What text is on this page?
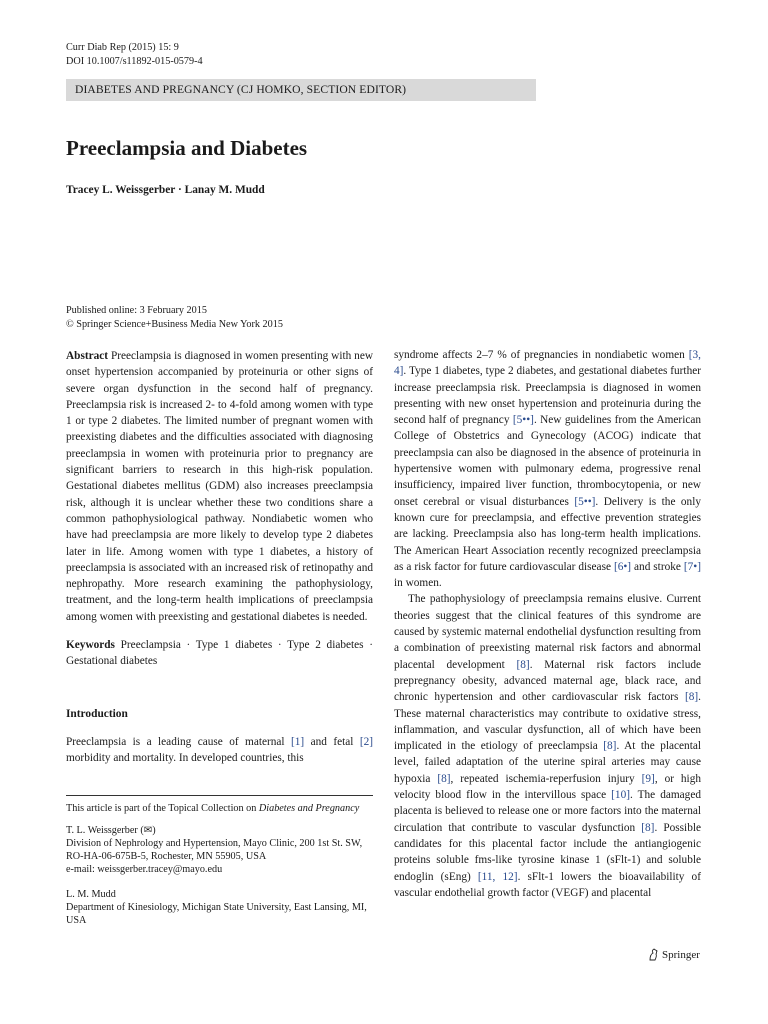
Curr Diab Rep (2015) 15: 9
DOI 10.1007/s11892-015-0579-4
DIABETES AND PREGNANCY (CJ HOMKO, SECTION EDITOR)
Preeclampsia and Diabetes
Tracey L. Weissgerber · Lanay M. Mudd
Published online: 3 February 2015
© Springer Science+Business Media New York 2015

Abstract Preeclampsia is diagnosed in women presenting with new onset hypertension accompanied by proteinuria or other signs of severe organ dysfunction in the second half of pregnancy. Preeclampsia risk is increased 2- to 4-fold among women with type 1 or type 2 diabetes. The limited number of pregnant women with preexisting diabetes and the difficulties associated with diagnosing preeclampsia in women with proteinuria prior to pregnancy are significant barriers to research in this high-risk population. Gestational diabetes mellitus (GDM) also increases preeclampsia risk, although it is unclear whether these two conditions share a common pathophysiological pathway. Nondiabetic women who have had preeclampsia are more likely to develop type 2 diabetes later in life. Among women with type 1 diabetes, a history of preeclampsia is associated with an increased risk of retinopathy and nephropathy. More research examining the pathophysiology, treatment, and the long-term health implications of preeclampsia among women with preexisting and gestational diabetes is needed.

Keywords Preeclampsia · Type 1 diabetes · Type 2 diabetes · Gestational diabetes

Introduction

Preeclampsia is a leading cause of maternal [1] and fetal [2] morbidity and mortality. In developed countries, this

This article is part of the Topical Collection on Diabetes and Pregnancy

T. L. Weissgerber (✉)

Division of Nephrology and Hypertension, Mayo Clinic, 200 1st St. SW, RO-HA-06-675B-5, Rochester, MN 55905, USA

e-mail: weissgerber.tracey@mayo.edu

L. M. Mudd

Department of Kinesiology, Michigan State University, East Lansing, MI, USA

syndrome affects 2–7 % of pregnancies in nondiabetic women [3, 4]. Type 1 diabetes, type 2 diabetes, and gestational diabetes further increase preeclampsia risk. Preeclampsia is diagnosed in women presenting with new onset hypertension and proteinuria during the second half of pregnancy [5••]. New guidelines from the American College of Obstetrics and Gynecology (ACOG) indicate that preeclampsia can also be diagnosed in the absence of proteinuria in hypertensive women with pulmonary edema, progressive renal insufficiency, impaired liver function, thrombocytopenia, or new onset cerebral or visual disturbances [5••]. Delivery is the only known cure for preeclampsia, and effective prevention strategies are lacking. Preeclampsia also has long-term health implications. The American Heart Association recently recognized preeclampsia as a risk factor for future cardiovascular disease [6•] and stroke [7•] in women.

The pathophysiology of preeclampsia remains elusive. Current theories suggest that the clinical features of this syndrome are caused by systemic maternal endothelial dysfunction resulting from a combination of preexisting maternal risk factors and abnormal placental development [8]. Maternal risk factors include prepregnancy obesity, advanced maternal age, black race, and chronic hypertension and other cardiovascular risk factors [8]. These maternal characteristics may contribute to oxidative stress, inflammation, and vascular dysfunction, all of which have been implicated in the etiology of preeclampsia [8]. At the placental level, failed adaptation of the uterine spiral arteries may cause hypoxia [8], repeated ischemia-reperfusion injury [9], or high velocity blood flow in the intervillous space [10]. The damaged placenta is believed to release one or more factors into the maternal circulation that contribute to vascular dysfunction [8]. Possible candidates for this placental factor include the antiangiogenic proteins soluble fms-like tyrosine kinase 1 (sFlt-1) and soluble endoglin (sEng) [11, 12]. sFlt-1 lowers the bioavailability of vascular endothelial growth factor (VEGF) and placental

Springer
